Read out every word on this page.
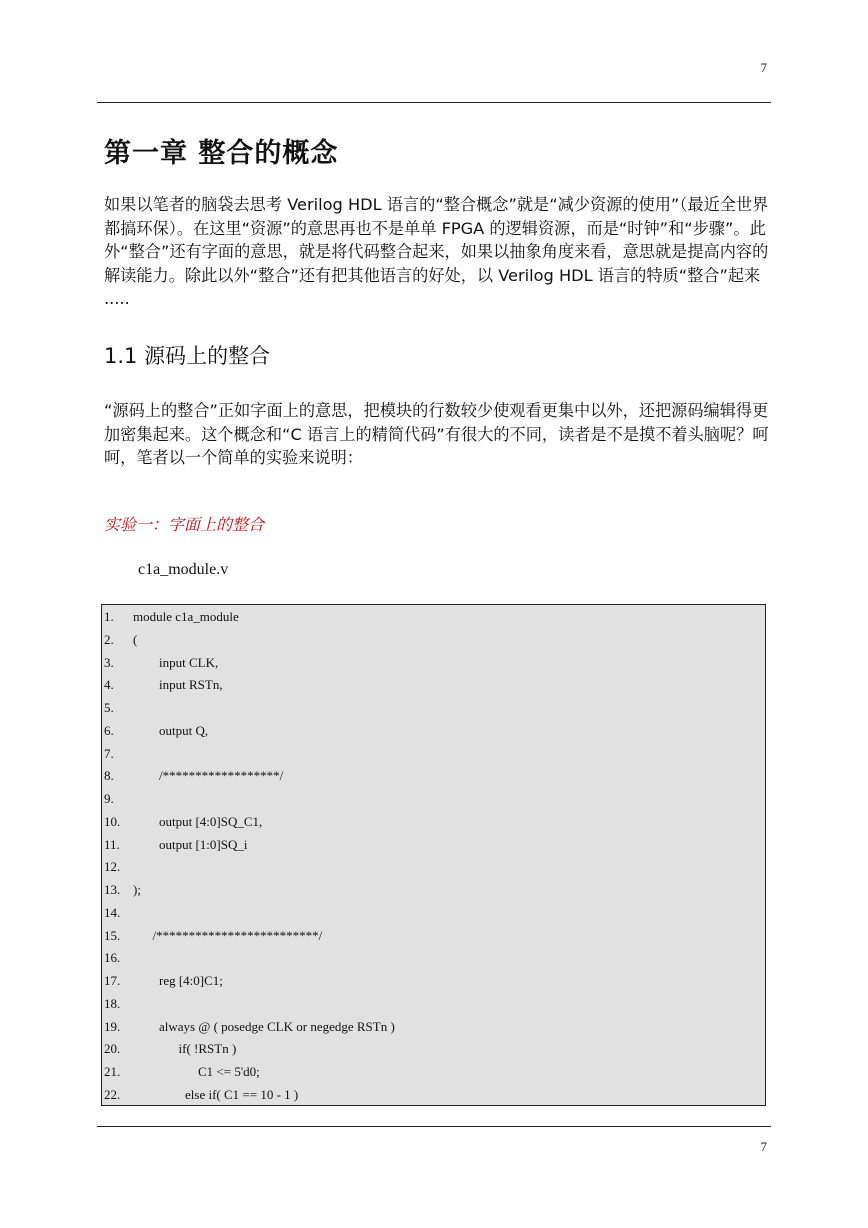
7
第一章 整合的概念

如果以笔者的脑袋去思考 Verilog HDL 语言的“整合概念”就是“减少资源的使用”（最近全世界都搞环保）。在这里“资源”的意思再也不是单单 FPGA 的逻辑资源，而是“时钟”和“步骤”。此外“整合”还有字面的意思，就是将代码整合起来，如果以抽象角度来看，意思就是提高内容的解读能力。除此以外“整合”还有把其他语言的好处，以 Verilog HDL 语言的特质“整合”起来 .....

1.1 源码上的整合

“源码上的整合”正如字面上的意思，把模块的行数较少使观看更集中以外，还把源码编辑得更加密集起来。这个概念和“C 语言上的精简代码”有很大的不同，读者是不是摸不着头脑呢？呵呵，笔者以一个简单的实验来说明：

实验一：字面上的整合
c1a_module.v
1. module c1a_module
2. (
3. input CLK,
4. input RSTn,
5.
6. output Q,
7.
8. /******************/
9.
10. output [4:0]SQ_C1,
11. output [1:0]SQ_i
12.
13. );
14.
15. /*************************/
16.
17. reg [4:0]C1;
18.
19. always @ ( posedge CLK or negedge RSTn )
20. if( !RSTn )
21. C1 <= 5'd0;
22. else if( C1 == 10 - 1 )
7
